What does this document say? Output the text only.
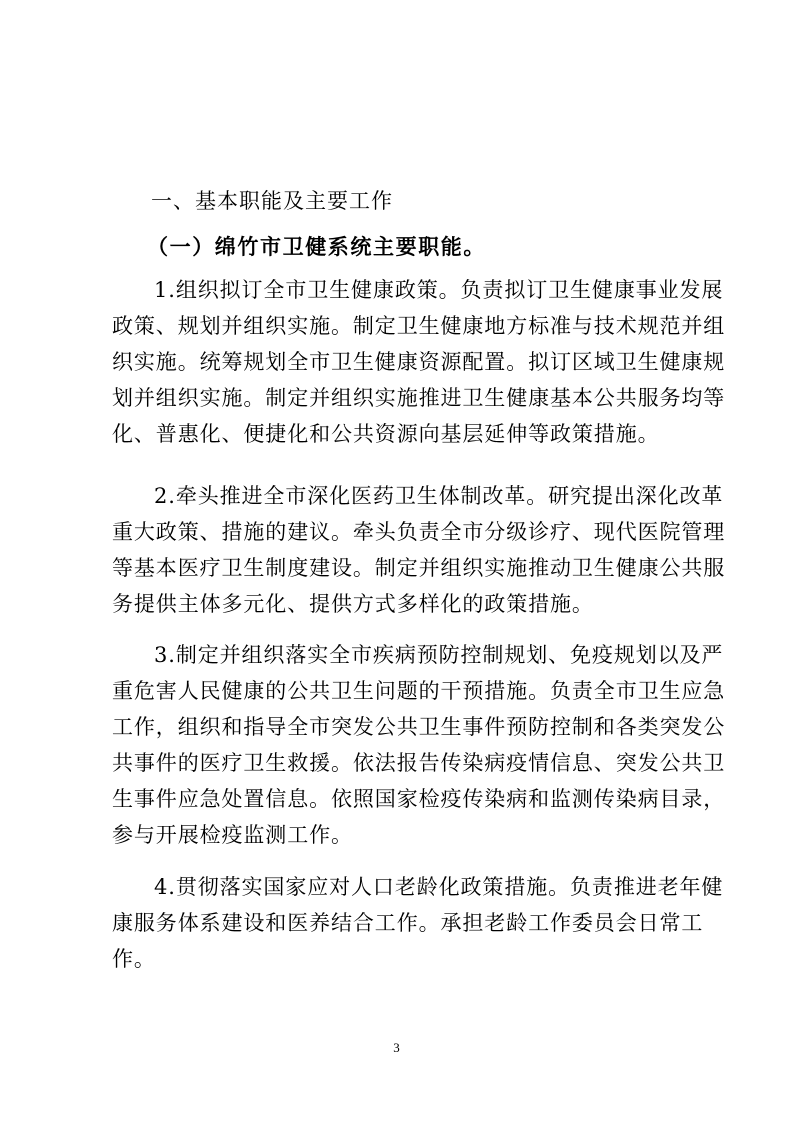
一、基本职能及主要工作
（一）绵竹市卫健系统主要职能。
1.组织拟订全市卫生健康政策。负责拟订卫生健康事业发展
政策、规划并组织实施。制定卫生健康地方标准与技术规范并组
织实施。统筹规划全市卫生健康资源配置。拟订区域卫生健康规
划并组织实施。制定并组织实施推进卫生健康基本公共服务均等
化、普惠化、便捷化和公共资源向基层延伸等政策措施。
2.牵头推进全市深化医药卫生体制改革。研究提出深化改革
重大政策、措施的建议。牵头负责全市分级诊疗、现代医院管理
等基本医疗卫生制度建设。制定并组织实施推动卫生健康公共服
务提供主体多元化、提供方式多样化的政策措施。
3.制定并组织落实全市疾病预防控制规划、免疫规划以及严
重危害人民健康的公共卫生问题的干预措施。负责全市卫生应急
工作，组织和指导全市突发公共卫生事件预防控制和各类突发公
共事件的医疗卫生救援。依法报告传染病疫情信息、突发公共卫
生事件应急处置信息。依照国家检疫传染病和监测传染病目录，
参与开展检疫监测工作。
4.贯彻落实国家应对人口老龄化政策措施。负责推进老年健
康服务体系建设和医养结合工作。承担老龄工作委员会日常工
作。
3
